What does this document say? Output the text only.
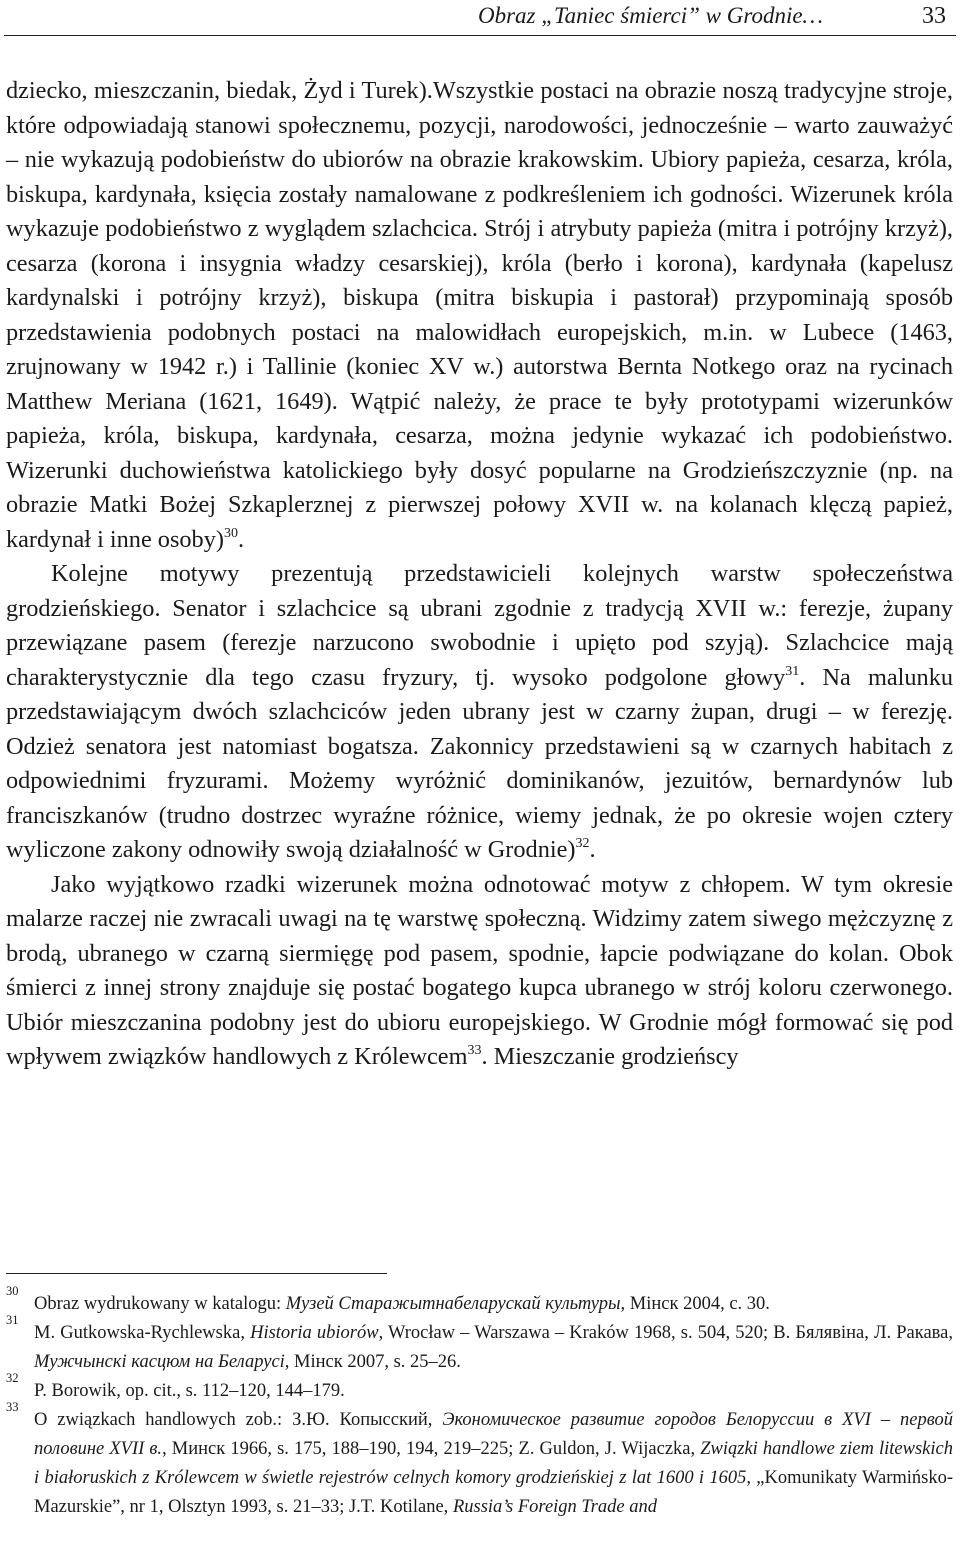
Obraz „Taniec śmierci” w Grodnie…	33

dziecko, mieszczanin, biedak, Żyd i Turek).Wszystkie postaci na obrazie noszą tradycyjne stroje, które odpowiadają stanowi społecznemu, pozycji, narodowości, jednocześnie – warto zauważyć – nie wykazują podobieństw do ubiorów na obrazie krakowskim. Ubiory papieża, cesarza, króla, biskupa, kardynała, księcia zostały namalowane z podkreśleniem ich godności. Wizerunek króla wykazuje podobieństwo z wyglądem szlachcica. Strój i atrybuty papieża (mitra i potrójny krzyż), cesarza (korona i insygnia władzy cesarskiej), króla (berło i korona), kardynała (kapelusz kardynalski i potrójny krzyż), biskupa (mitra biskupia i pastorał) przypominają sposób przedstawienia podobnych postaci na malowidłach europejskich, m.in. w Lubece (1463, zrujnowany w 1942 r.) i Tallinie (koniec XV w.) autorstwa Bernta Notkego oraz na rycinach Matthew Meriana (1621, 1649). Wątpić należy, że prace te były prototypami wizerunków papieża, króla, biskupa, kardynała, cesarza, można jedynie wykazać ich podobieństwo. Wizerunki duchowieństwa katolickiego były dosyć popularne na Grodzieńszczyznie (np. na obrazie Matki Bożej Szkaplerznej z pierwszej połowy XVII w. na kolanach klęczą papież, kardynał i inne osoby)$^{30}$.

Kolejne motywy prezentują przedstawicieli kolejnych warstw społeczeństwa grodzieńskiego. Senator i szlachcice są ubrani zgodnie z tradycją XVII w.: ferezje, żupany przewiązane pasem (ferezje narzucono swobodnie i upięto pod szyją). Szlachcice mają charakterystycznie dla tego czasu fryzury, tj. wysoko podgolone głowy$^{31}$. Na malunku przedstawiającym dwóch szlachciców jeden ubrany jest w czarny żupan, drugi – w ferezję. Odzież senatora jest natomiast bogatsza. Zakonnicy przedstawieni są w czarnych habitach z odpowiednimi fryzurami. Możemy wyróżnić dominikanów, jezuitów, bernardynów lub franciszkanów (trudno dostrzec wyraźne różnice, wiemy jednak, że po okresie wojen cztery wyliczone zakony odnowiły swoją działalność w Grodnie)$^{32}$.

Jako wyjątkowo rzadki wizerunek można odnotować motyw z chłopem. W tym okresie malarze raczej nie zwracali uwagi na tę warstwę społeczną. Widzimy zatem siwego mężczyznę z brodą, ubranego w czarną siermięgę pod pasem, spodnie, łapcie podwiązane do kolan. Obok śmierci z innej strony znajduje się postać bogatego kupca ubranego w strój koloru czerwonego. Ubiór mieszczanina podobny jest do ubioru europejskiego. W Grodnie mógł formować się pod wpływem związków handlowych z Królewcem$^{33}$. Mieszczanie grodzieńscy

30
Obraz wydrukowany w katalogu: Музей Старажытнабеларускай культуры, Мінск 2004, с. 30.
31
M. Gutkowska-Rychlewska, Historia ubiorów, Wrocław – Warszawa – Kraków 1968, s. 504, 520; В. Бялявіна, Л. Ракава, Мужчынскі касцюм на Беларусі, Мінск 2007, s. 25–26.
32
P. Borowik, op. cit., s. 112–120, 144–179.
33
O związkach handlowych zob.: З.Ю. Копысский, Экономическое развитие городов Белоруссии в XVI – первой половине XVII в., Минск 1966, s. 175, 188–190, 194, 219–225; Z. Guldon, J. Wijaczka, Związki handlowe ziem litewskich i białoruskich z Królewcem w świetle rejestrów celnych komory grodzieńskiej z lat 1600 i 1605, „Komunikaty Warmińsko-Mazurskie”, nr 1, Olsztyn 1993, s. 21–33; J.T. Kotilane, Russia’s Foreign Trade and
